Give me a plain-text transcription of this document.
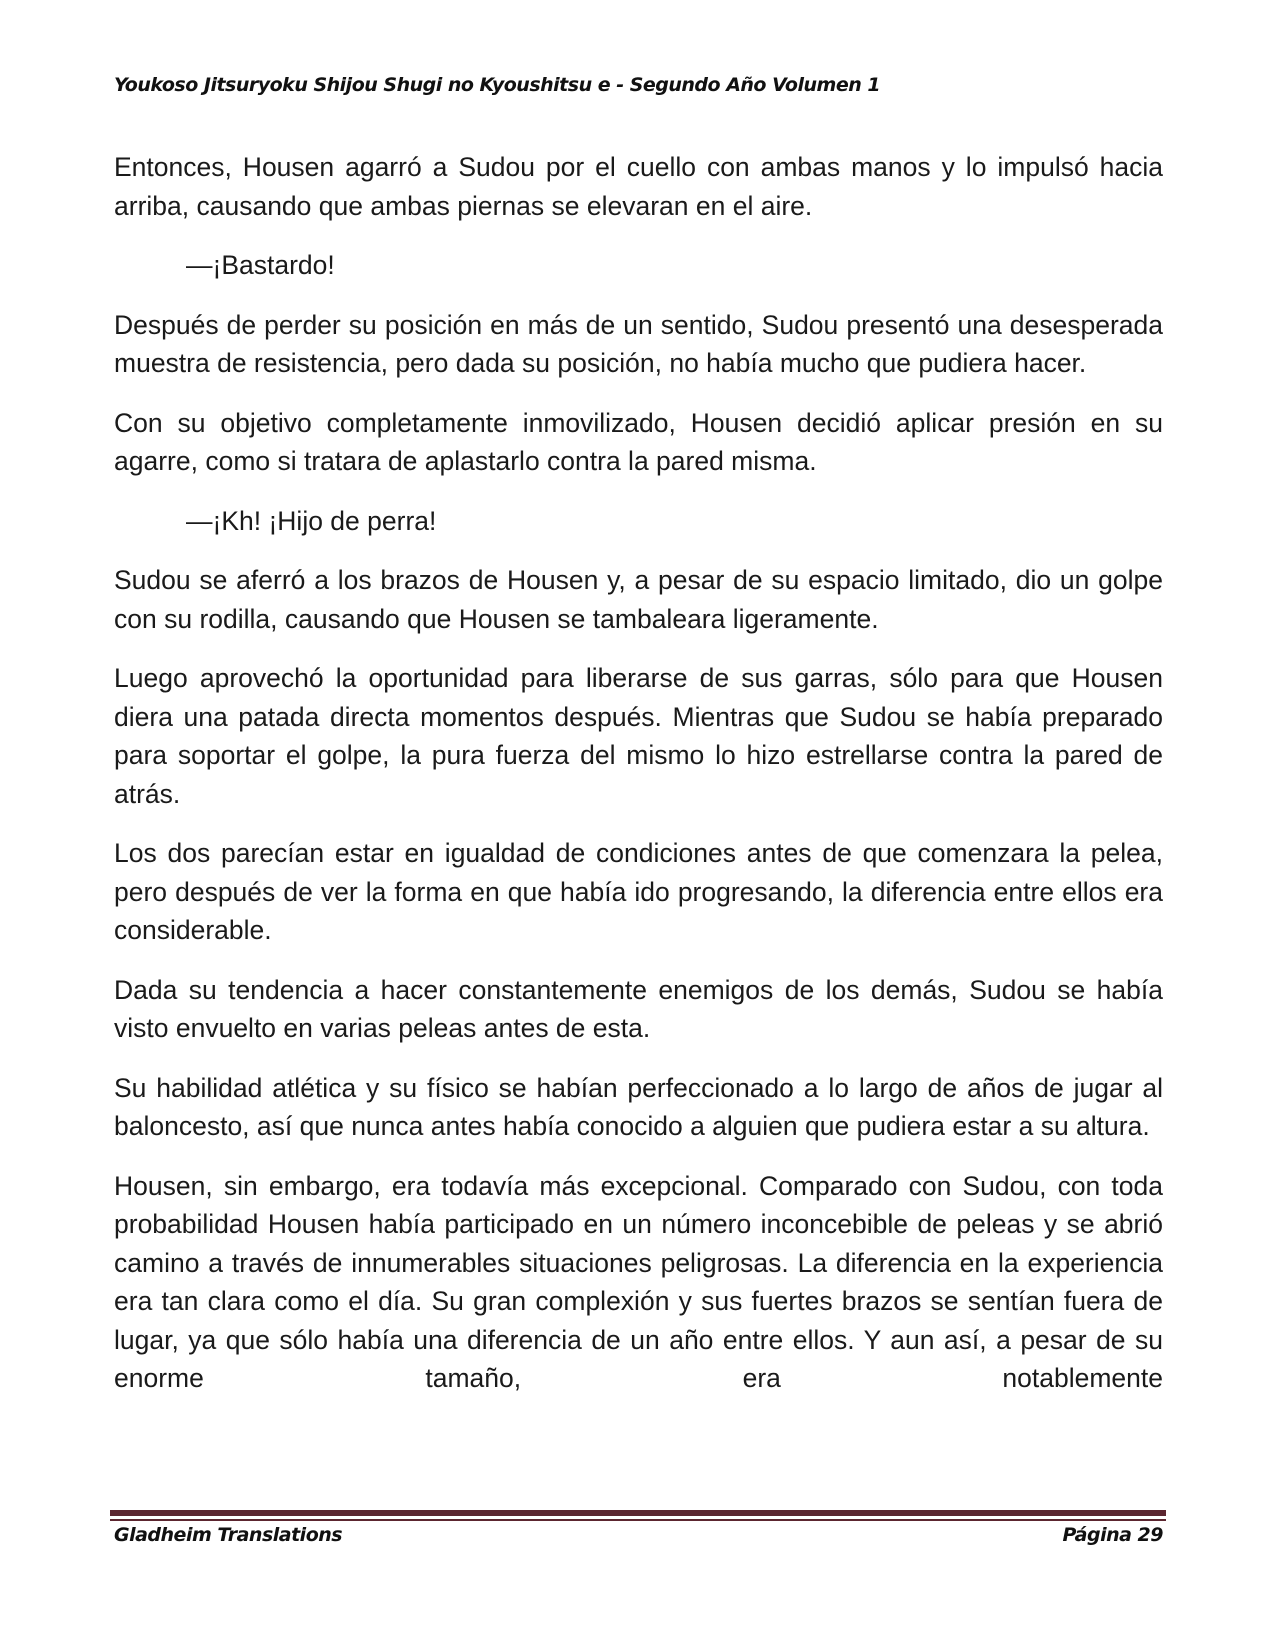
Youkoso Jitsuryoku Shijou Shugi no Kyoushitsu e - Segundo Año Volumen 1

Entonces, Housen agarró a Sudou por el cuello con ambas manos y lo impulsó hacia arriba, causando que ambas piernas se elevaran en el aire.

—¡Bastardo!

Después de perder su posición en más de un sentido, Sudou presentó una desesperada muestra de resistencia, pero dada su posición, no había mucho que pudiera hacer.

Con su objetivo completamente inmovilizado, Housen decidió aplicar presión en su agarre, como si tratara de aplastarlo contra la pared misma.

—¡Kh! ¡Hijo de perra!

Sudou se aferró a los brazos de Housen y, a pesar de su espacio limitado, dio un golpe con su rodilla, causando que Housen se tambaleara ligeramente.

Luego aprovechó la oportunidad para liberarse de sus garras, sólo para que Housen diera una patada directa momentos después. Mientras que Sudou se había preparado para soportar el golpe, la pura fuerza del mismo lo hizo estrellarse contra la pared de atrás.

Los dos parecían estar en igualdad de condiciones antes de que comenzara la pelea, pero después de ver la forma en que había ido progresando, la diferencia entre ellos era considerable.

Dada su tendencia a hacer constantemente enemigos de los demás, Sudou se había visto envuelto en varias peleas antes de esta.

Su habilidad atlética y su físico se habían perfeccionado a lo largo de años de jugar al baloncesto, así que nunca antes había conocido a alguien que pudiera estar a su altura.

Housen, sin embargo, era todavía más excepcional. Comparado con Sudou, con toda probabilidad Housen había participado en un número inconcebible de peleas y se abrió camino a través de innumerables situaciones peligrosas. La diferencia en la experiencia era tan clara como el día. Su gran complexión y sus fuertes brazos se sentían fuera de lugar, ya que sólo había una diferencia de un año entre ellos. Y aun así, a pesar de su enorme tamaño, era notablemente

Gladheim Translations	Página 29
